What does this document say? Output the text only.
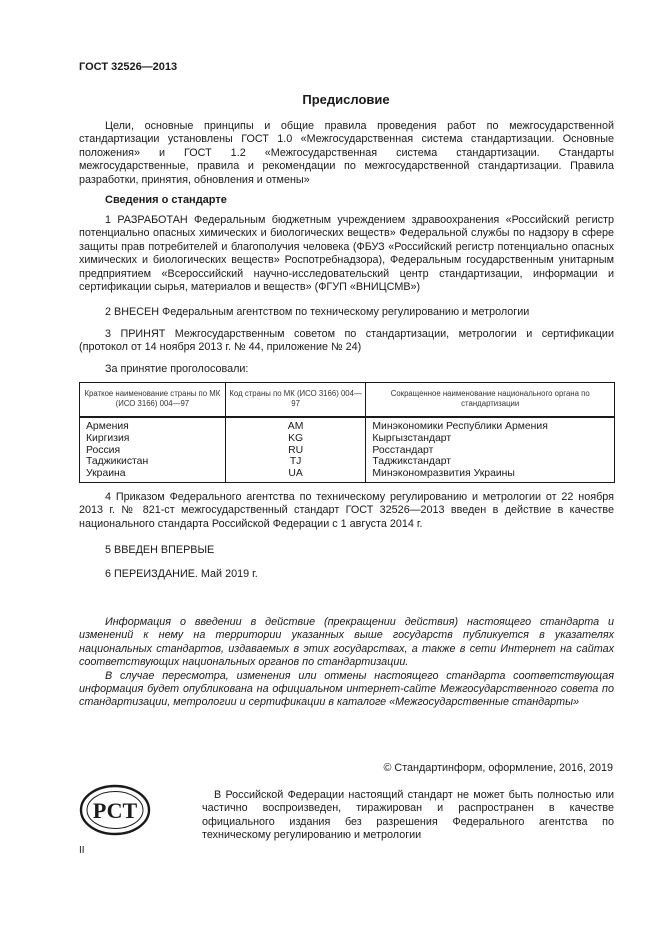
ГОСТ 32526—2013
Предисловие

Цели, основные принципы и общие правила проведения работ по межгосударственной стандартизации установлены ГОСТ 1.0 «Межгосударственная система стандартизации. Основные положения» и ГОСТ 1.2 «Межгосударственная система стандартизации. Стандарты межгосударственные, правила и рекомендации по межгосударственной стандартизации. Правила разработки, принятия, обновления и отмены»

Сведения о стандарте

1 РАЗРАБОТАН Федеральным бюджетным учреждением здравоохранения «Российский регистр потенциально опасных химических и биологических веществ» Федеральной службы по надзору в сфере защиты прав потребителей и благополучия человека (ФБУЗ «Российский регистр потенциально опасных химических и биологических веществ» Роспотребнадзора), Федеральным государственным унитарным предприятием «Всероссийский научно-исследовательский центр стандартизации, информации и сертификации сырья, материалов и веществ» (ФГУП «ВНИЦСМВ»)

2 ВНЕСЕН Федеральным агентством по техническому регулированию и метрологии

3 ПРИНЯТ Межгосударственным советом по стандартизации, метрологии и сертификации (протокол от 14 ноября 2013 г. № 44, приложение № 24)

За принятие проголосовали:
Краткое наименование страны по МК (ИСО 3166) 004—97	Код страны по МК (ИСО 3166) 004—97	Сокращенное наименование национального органа по стандартизации
Армения	AM	Минэкономики Республики Армения
Киргизия	KG	Кыргызстандарт
Россия	RU	Росстандарт
Таджикистан	TJ	Таджикстандарт
Украина	UA	Минэкономразвития Украины

4 Приказом Федерального агентства по техническому регулированию и метрологии от 22 ноября 2013 г. № 821-ст межгосударственный стандарт ГОСТ 32526—2013 введен в действие в качестве национального стандарта Российской Федерации с 1 августа 2014 г.

5 ВВЕДЕН ВПЕРВЫЕ
6 ПЕРЕИЗДАНИЕ. Май 2019 г.

Информация о введении в действие (прекращении действия) настоящего стандарта и изменений к нему на территории указанных выше государств публикуется в указателях национальных стандартов, издаваемых в этих государствах, а также в сети Интернет на сайтах соответствующих национальных органов по стандартизации.

В случае пересмотра, изменения или отмены настоящего стандарта соответствующая информация будет опубликована на официальном интернет-сайте Межгосударственного совета по стандартизации, метрологии и сертификации в каталоге «Межгосударственные стандарты»

© Стандартинформ, оформление, 2016, 2019
РСТ

В Российской Федерации настоящий стандарт не может быть полностью или частично воспроизведен, тиражирован и распространен в качестве официального издания без разрешения Федерального агентства по техническому регулированию и метрологии

II
